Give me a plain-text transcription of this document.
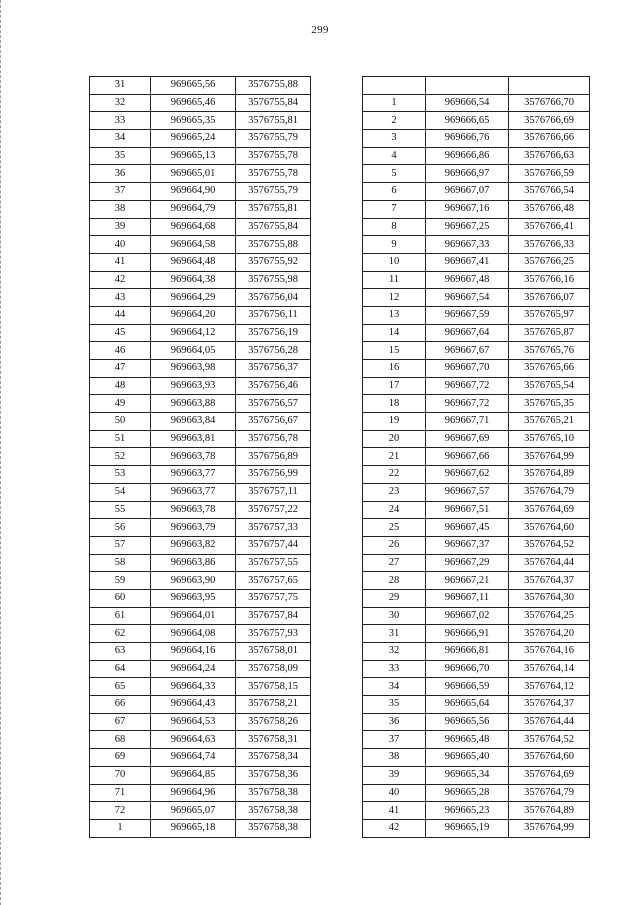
299
31	969665,56	3576755,88
32	969665,46	3576755,84
33	969665,35	3576755,81
34	969665,24	3576755,79
35	969665,13	3576755,78
36	969665,01	3576755,78
37	969664,90	3576755,79
38	969664,79	3576755,81
39	969664,68	3576755,84
40	969664,58	3576755,88
41	969664,48	3576755,92
42	969664,38	3576755,98
43	969664,29	3576756,04
44	969664,20	3576756,11
45	969664,12	3576756,19
46	969664,05	3576756,28
47	969663,98	3576756,37
48	969663,93	3576756,46
49	969663,88	3576756,57
50	969663,84	3576756,67
51	969663,81	3576756,78
52	969663,78	3576756,89
53	969663,77	3576756,99
54	969663,77	3576757,11
55	969663,78	3576757,22
56	969663,79	3576757,33
57	969663,82	3576757,44
58	969663,86	3576757,55
59	969663,90	3576757,65
60	969663,95	3576757,75
61	969664,01	3576757,84
62	969664,08	3576757,93
63	969664,16	3576758,01
64	969664,24	3576758,09
65	969664,33	3576758,15
66	969664,43	3576758,21
67	969664,53	3576758,26
68	969664,63	3576758,31
69	969664,74	3576758,34
70	969664,85	3576758,36
71	969664,96	3576758,38
72	969665,07	3576758,38
1	969665,18	3576758,38

1	969666,54	3576766,70
2	969666,65	3576766,69
3	969666,76	3576766,66
4	969666,86	3576766,63
5	969666,97	3576766,59
6	969667,07	3576766,54
7	969667,16	3576766,48
8	969667,25	3576766,41
9	969667,33	3576766,33
10	969667,41	3576766,25
11	969667,48	3576766,16
12	969667,54	3576766,07
13	969667,59	3576765,97
14	969667,64	3576765,87
15	969667,67	3576765,76
16	969667,70	3576765,66
17	969667,72	3576765,54
18	969667,72	3576765,35
19	969667,71	3576765,21
20	969667,69	3576765,10
21	969667,66	3576764,99
22	969667,62	3576764,89
23	969667,57	3576764,79
24	969667,51	3576764,69
25	969667,45	3576764,60
26	969667,37	3576764,52
27	969667,29	3576764,44
28	969667,21	3576764,37
29	969667,11	3576764,30
30	969667,02	3576764,25
31	969666,91	3576764,20
32	969666,81	3576764,16
33	969666,70	3576764,14
34	969666,59	3576764,12
35	969665,64	3576764,37
36	969665,56	3576764,44
37	969665,48	3576764,52
38	969665,40	3576764,60
39	969665,34	3576764,69
40	969665,28	3576764,79
41	969665,23	3576764,89
42	969665,19	3576764,99
